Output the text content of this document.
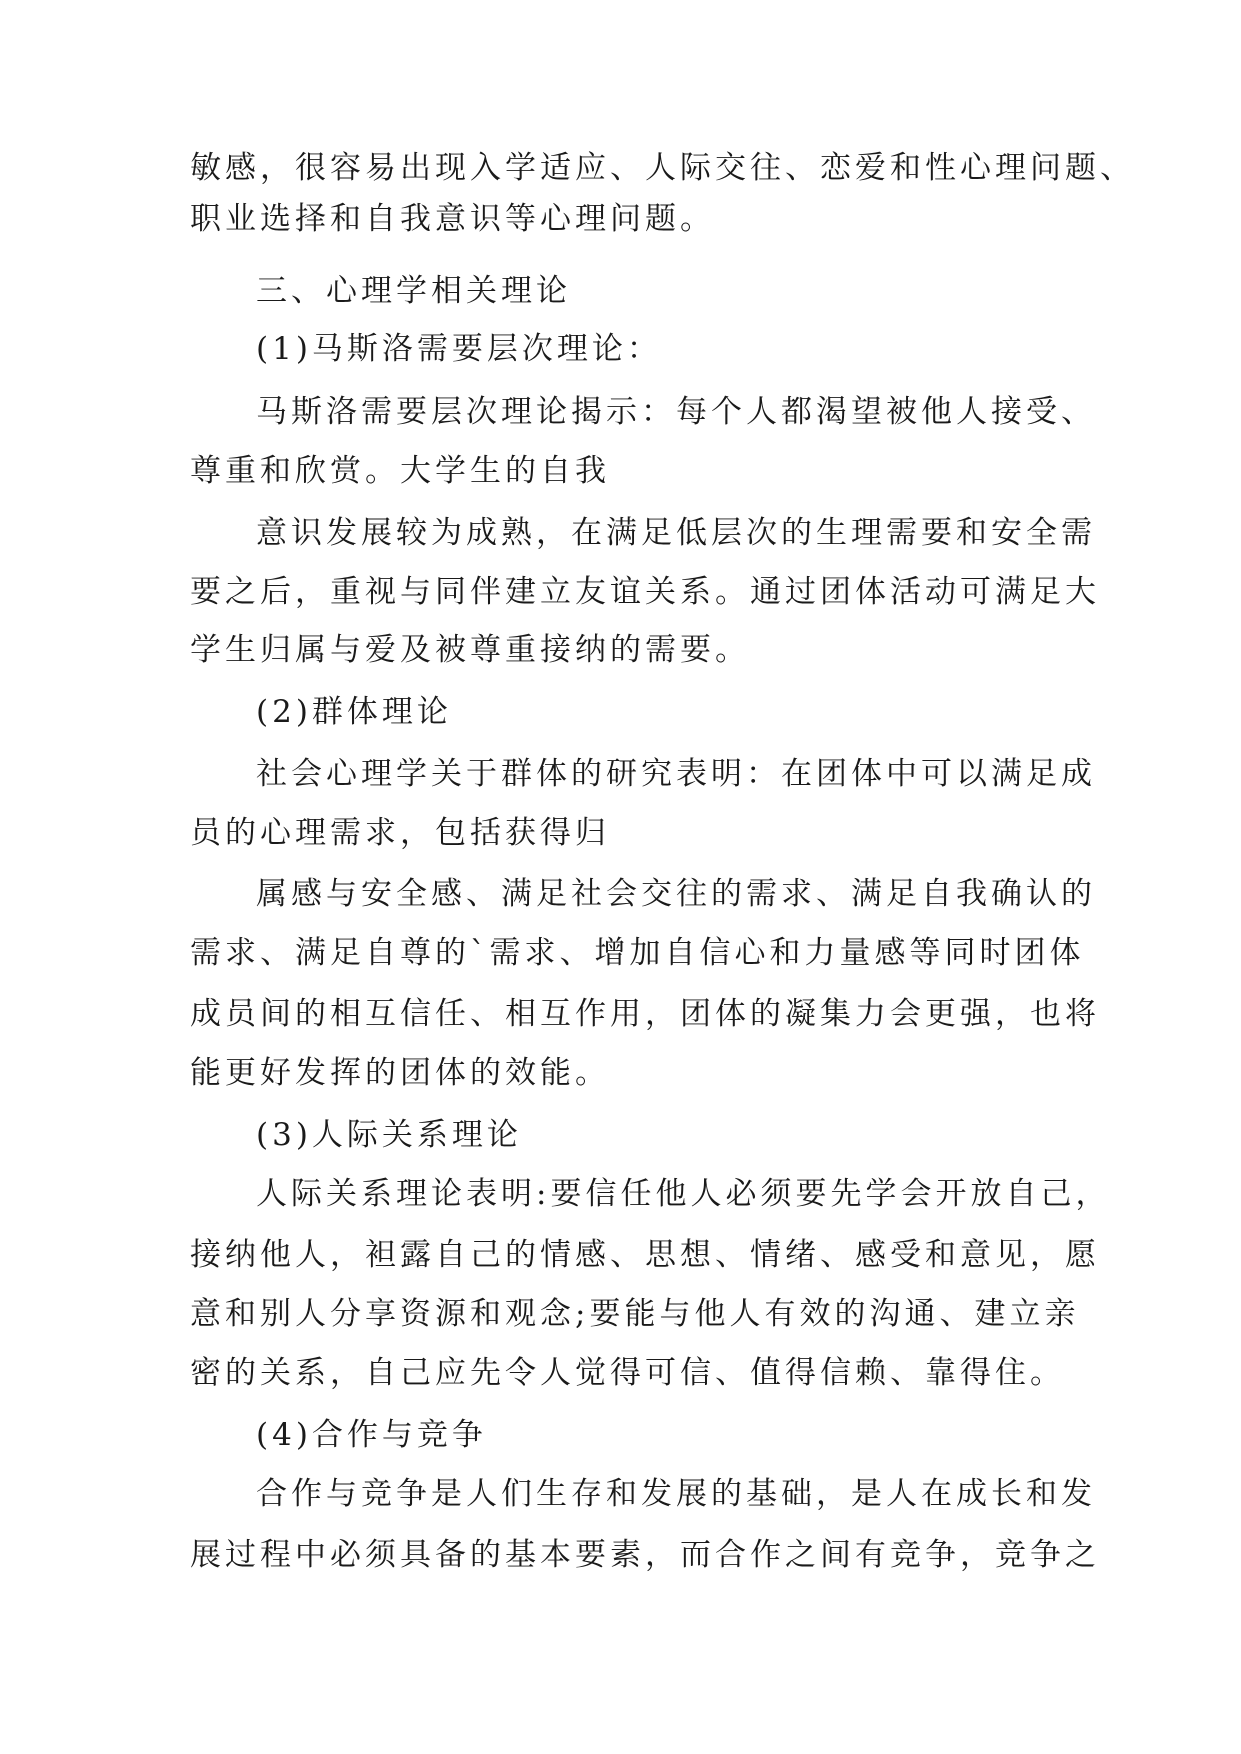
敏感，很容易出现入学适应、人际交往、恋爱和性心理问题、
职业选择和自我意识等心理问题。
三、心理学相关理论
(1)马斯洛需要层次理论：
马斯洛需要层次理论揭示：每个人都渴望被他人接受、
尊重和欣赏。大学生的自我
意识发展较为成熟，在满足低层次的生理需要和安全需
要之后，重视与同伴建立友谊关系。通过团体活动可满足大
学生归属与爱及被尊重接纳的需要。
(2)群体理论
社会心理学关于群体的研究表明：在团体中可以满足成
员的心理需求，包括获得归
属感与安全感、满足社会交往的需求、满足自我确认的
需求、满足自尊的`需求、增加自信心和力量感等同时团体
成员间的相互信任、相互作用，团体的凝集力会更强，也将
能更好发挥的团体的效能。
(3)人际关系理论
人际关系理论表明:要信任他人必须要先学会开放自己，
接纳他人，袒露自己的情感、思想、情绪、感受和意见，愿
意和别人分享资源和观念;要能与他人有效的沟通、建立亲
密的关系，自己应先令人觉得可信、值得信赖、靠得住。
(4)合作与竞争
合作与竞争是人们生存和发展的基础，是人在成长和发
展过程中必须具备的基本要素，而合作之间有竞争，竞争之
